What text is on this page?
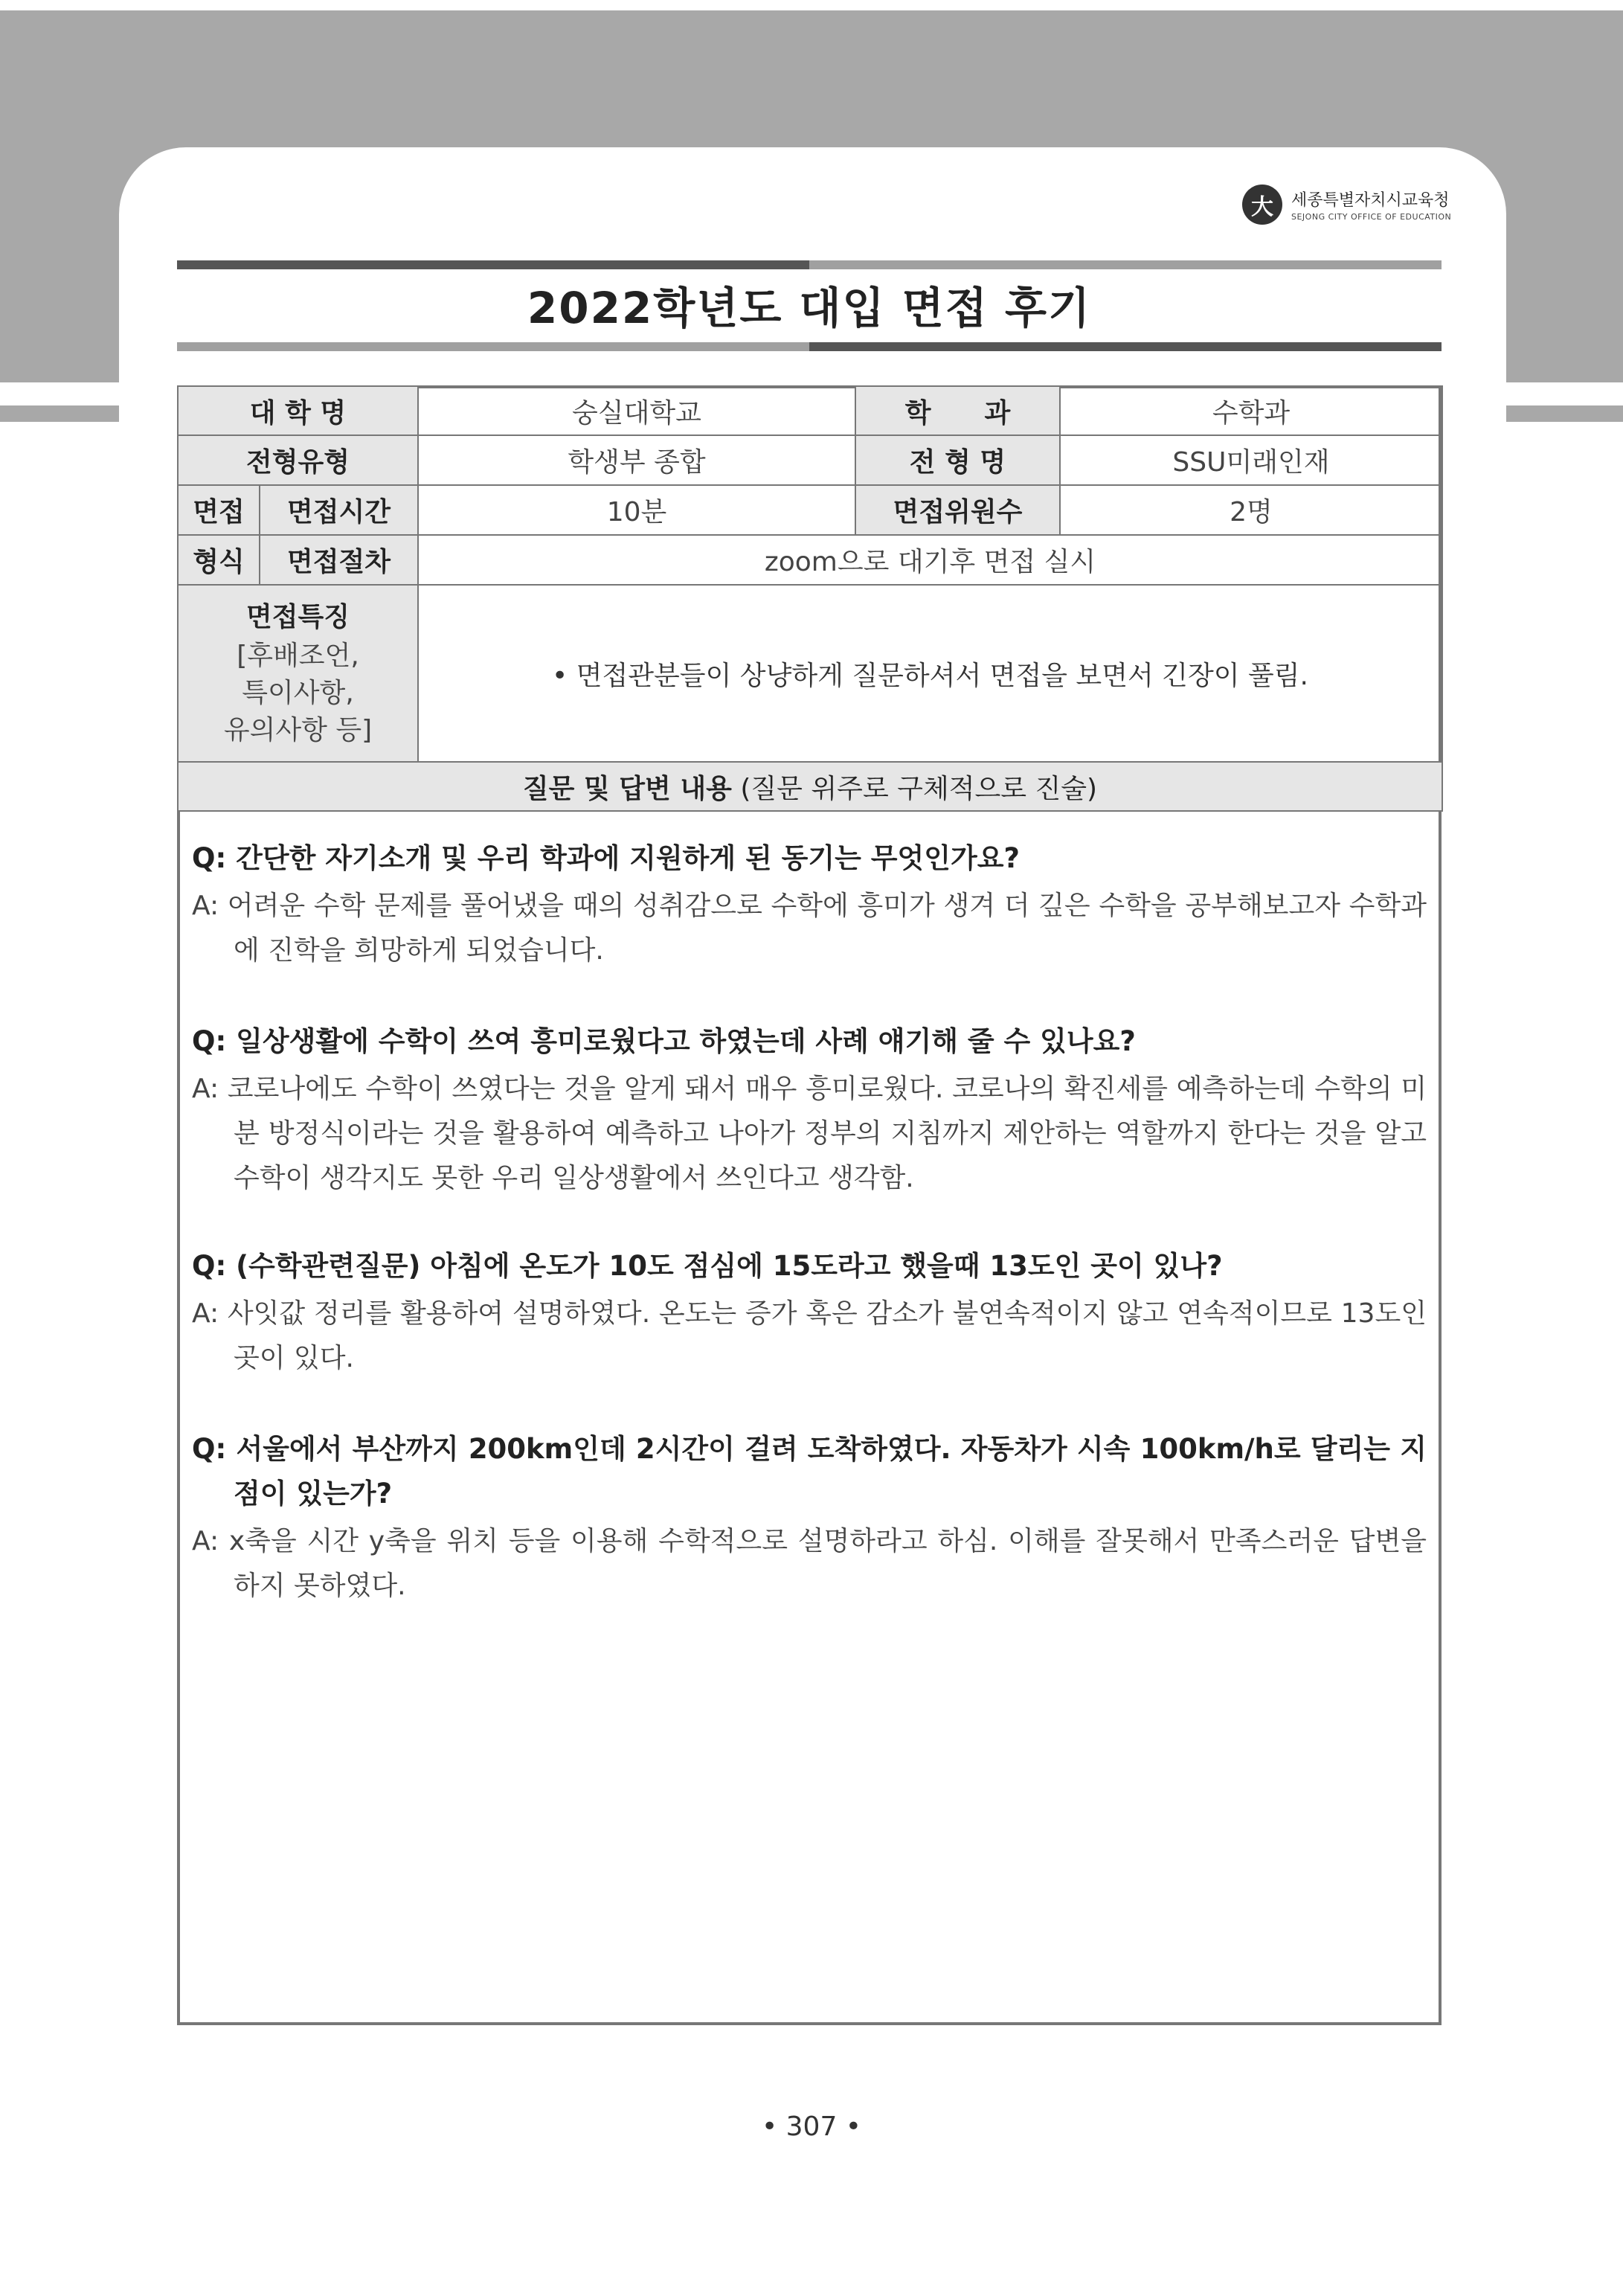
大	세종특별자치시교육청
SEJONG CITY OFFICE OF EDUCATION
2022학년도 대입 면접 후기
대 학 명		숭실대학교	학　　과	수학과
전형유형		학생부 종합	전 형 명	SSU미래인재
면접	면접시간	10분	면접위원수	2명
형식	면접절차	zoom으로 대기후 면접 실시		

면접특징
[후배조언,
특이사항,
유의사항 등]		• 면접관분들이 상냥하게 질문하셔서 면접을 보면서 긴장이 풀림.		
질문 및 답변 내용 (질문 위주로 구체적으로 진술)				
Q: 간단한 자기소개 및 우리 학과에 지원하게 된 동기는 무엇인가요?
A: 어려운 수학 문제를 풀어냈을 때의 성취감으로 수학에 흥미가 생겨 더 깊은 수학을 공부해보고자 수학과에 진학을 희망하게 되었습니다.
Q: 일상생활에 수학이 쓰여 흥미로웠다고 하였는데 사례 얘기해 줄 수 있나요?
A: 코로나에도 수학이 쓰였다는 것을 알게 돼서 매우 흥미로웠다. 코로나의 확진세를 예측하는데 수학의 미분 방정식이라는 것을 활용하여 예측하고 나아가 정부의 지침까지 제안하는 역할까지 한다는 것을 알고 수학이 생각지도 못한 우리 일상생활에서 쓰인다고 생각함.
Q: (수학관련질문) 아침에 온도가 10도 점심에 15도라고 했을때 13도인 곳이 있나?
A: 사잇값 정리를 활용하여 설명하였다. 온도는 증가 혹은 감소가 불연속적이지 않고 연속적이므로 13도인 곳이 있다.
Q: 서울에서 부산까지 200km인데 2시간이 걸려 도착하였다. 자동차가 시속 100km/h로 달리는 지점이 있는가?
A: x축을 시간 y축을 위치 등을 이용해 수학적으로 설명하라고 하심. 이해를 잘못해서 만족스러운 답변을 하지 못하였다.
• 307 •
